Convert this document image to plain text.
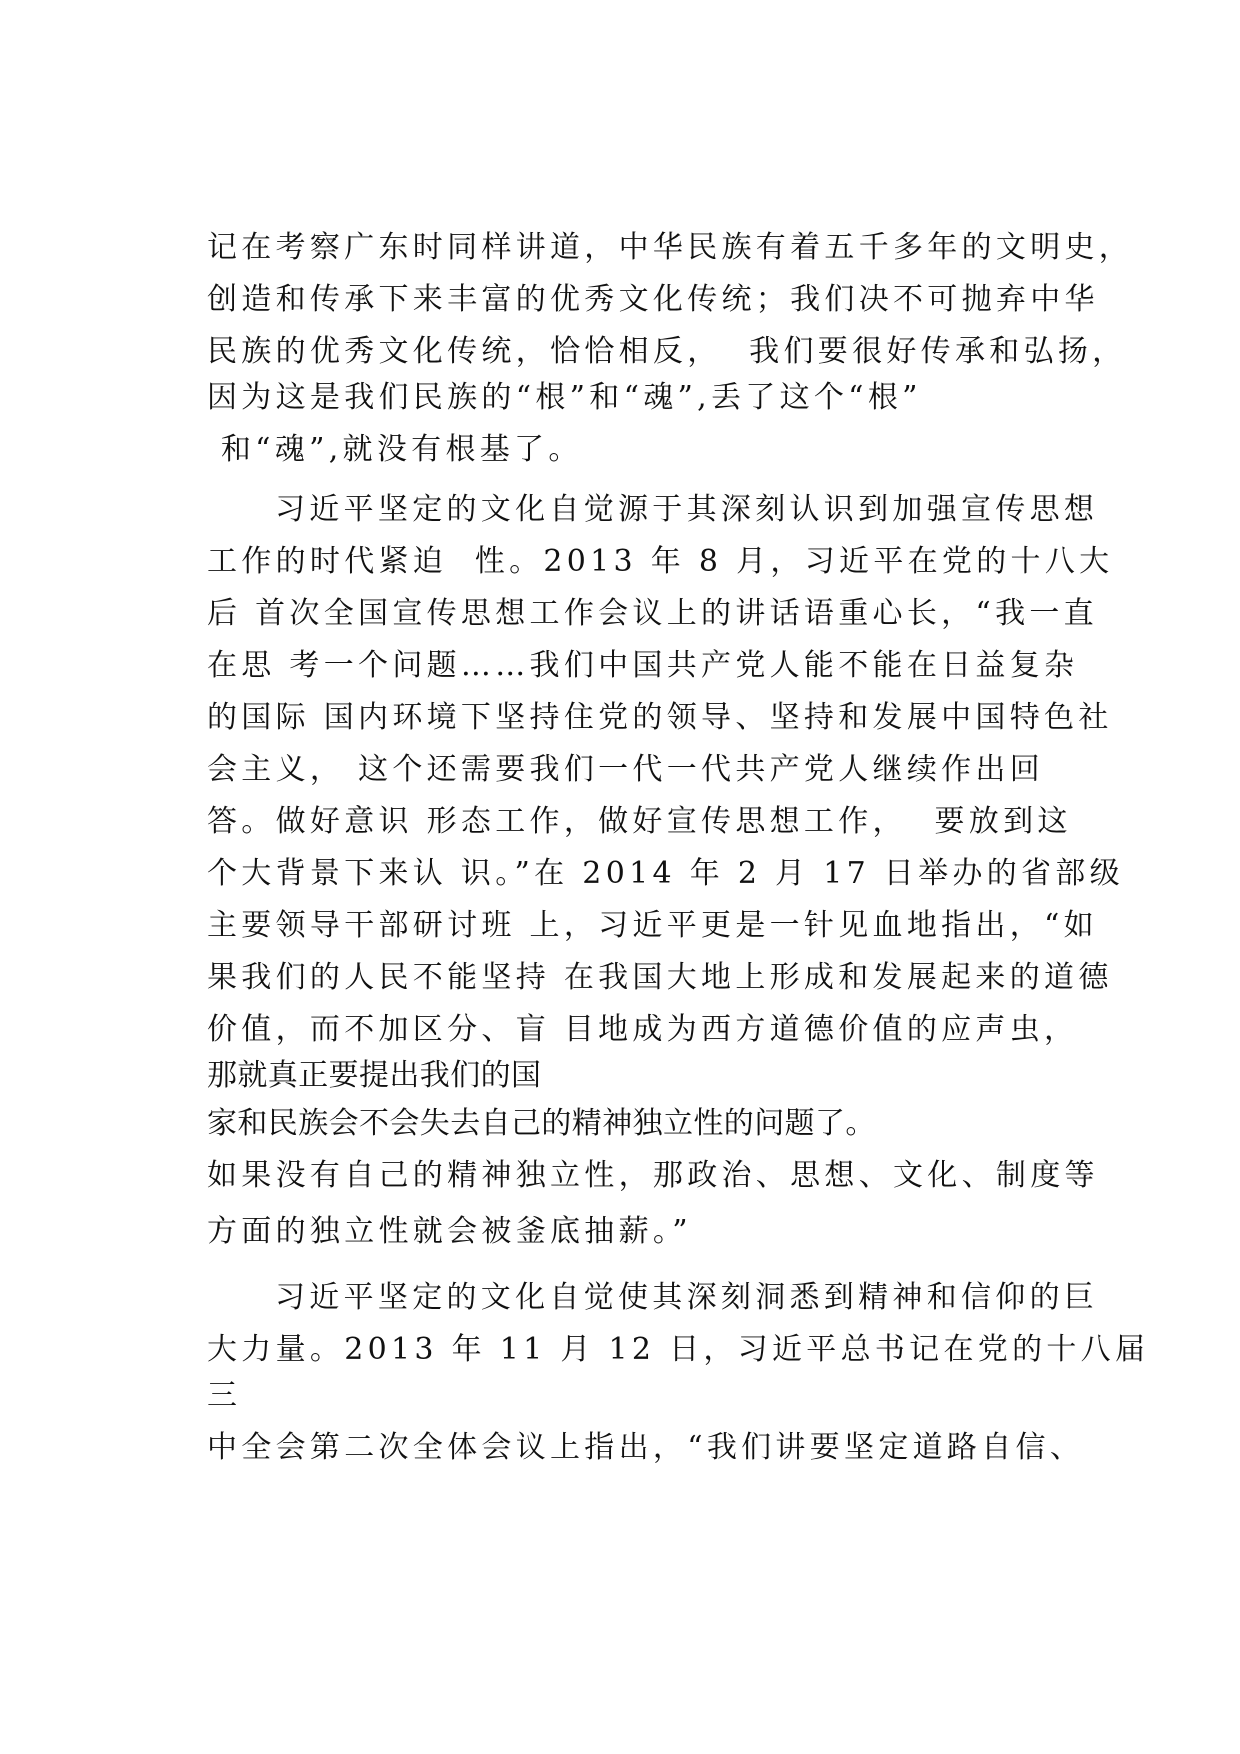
记在考察广东时同样讲道，中华民族有着五千多年的文明史，
创造和传承下来丰富的优秀文化传统；我们决不可抛弃中华
民族的优秀文化传统，恰恰相反，  我们要很好传承和弘扬，
因为这是我们民族的“根”和“魂”,丢了这个“根”
和“魂”,就没有根基了。
习近平坚定的文化自觉源于其深刻认识到加强宣传思想
工作的时代紧迫  性。2013 年 8 月，习近平在党的十八大
后 首次全国宣传思想工作会议上的讲话语重心长，“我一直
在思 考一个问题……我们中国共产党人能不能在日益复杂
的国际 国内环境下坚持住党的领导、坚持和发展中国特色社
会主义， 这个还需要我们一代一代共产党人继续作出回
答。做好意识 形态工作，做好宣传思想工作，  要放到这
个大背景下来认 识。”在 2014 年 2 月 17 日举办的省部级
主要领导干部研讨班 上，习近平更是一针见血地指出，“如
果我们的人民不能坚持 在我国大地上形成和发展起来的道德
价值，而不加区分、盲 目地成为西方道德价值的应声虫，
那就真正要提出我们的国
家和民族会不会失去自己的精神独立性的问题了。
如果没有自己的精神独立性，那政治、思想、文化、制度等
方面的独立性就会被釜底抽薪。”
习近平坚定的文化自觉使其深刻洞悉到精神和信仰的巨
大力量。2013 年 11 月 12 日，习近平总书记在党的十八届
三
中全会第二次全体会议上指出，“我们讲要坚定道路自信、
